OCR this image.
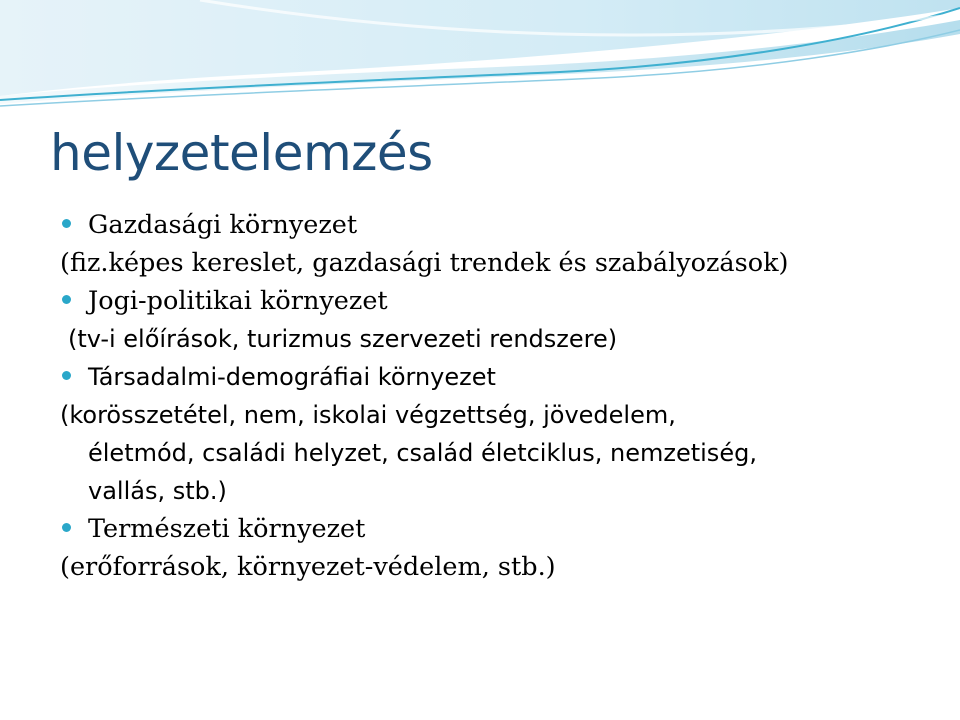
helyzetelemzés
Gazdasági környezet
(fiz.képes kereslet, gazdasági trendek és szabályozások)
Jogi-politikai környezet
(tv-i előírások, turizmus szervezeti rendszere)
Társadalmi-demográfiai környezet
(korösszetétel, nem, iskolai végzettség, jövedelem,
életmód, családi helyzet, család életciklus, nemzetiség,
vallás, stb.)
Természeti környezet
(erőforrások, környezet-védelem, stb.)
